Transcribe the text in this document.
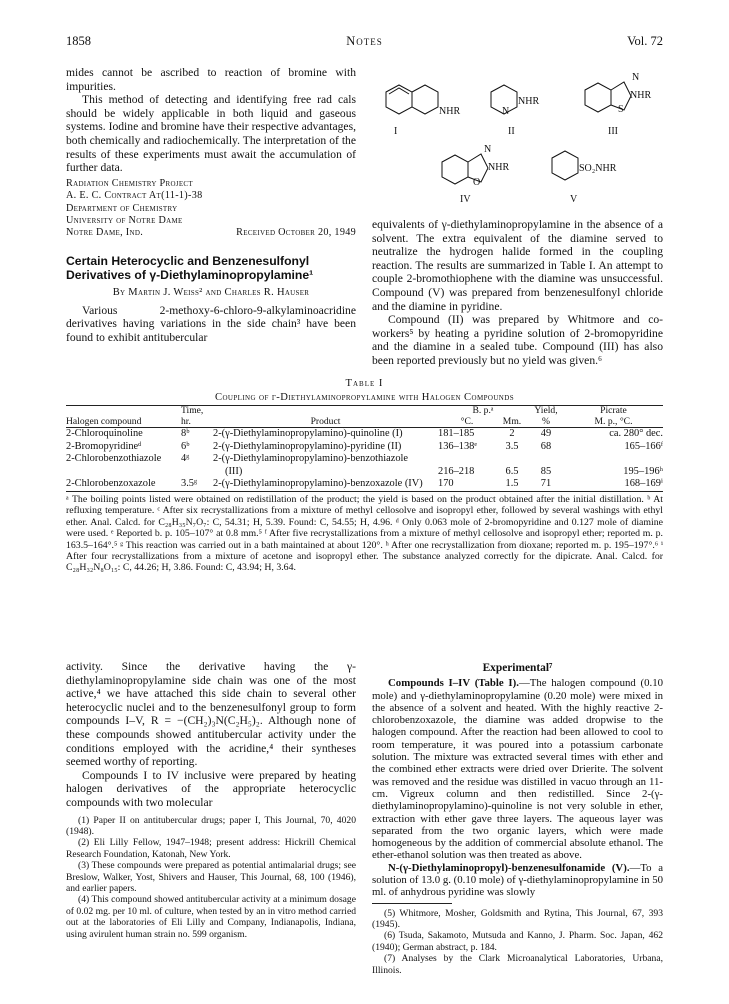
1858	Notes	Vol. 72

mides cannot be ascribed to reaction of bromine with impurities.

This method of detecting and identifying free rad cals should be widely applicable in both liquid and gaseous systems. Iodine and bromine have their respective advantages, both chemically and radiochemically. The interpretation of the results of these experiments must await the accumulation of further data.

Radiation Chemistry Project
A. E. C. Contract At(11-1)-38
Department of Chemistry
University of Notre Dame
Notre Dame, Ind.	Received October 20, 1949
Certain Heterocyclic and Benzenesulfonyl Derivatives of γ-Diethylaminopropylamine¹
By Martin J. Weiss² and Charles R. Hauser

Various 2-methoxy-6-chloro-9-alkylaminoacridine derivatives having variations in the side chain³ have been found to exhibit antitubercular

NHR
I
N
NHR
II
N
S
NHR
III
N
O
NHR
IV
SO₂NHR
V

equivalents of γ-diethylaminopropylamine in the absence of a solvent. The extra equivalent of the diamine served to neutralize the hydrogen halide formed in the coupling reaction. The results are summarized in Table I. An attempt to couple 2-bromothiophene with the diamine was unsuccessful. Compound (V) was prepared from benzenesulfonyl chloride and the diamine in pyridine.

Compound (II) was prepared by Whitmore and co-workers⁵ by heating a pyridine solution of 2-bromopyridine and the diamine in a sealed tube. Compound (III) has also been reported previously but no yield was given.⁶

Table I
Coupling of γ-Diethylaminopropylamine with Halogen Compounds
	Time,		B. p.ᵃ		Yield,	Picrate
Halogen compound	hr.	Product	°C.	Mm.	%	M. p., °C.
2-Chloroquinoline	8ᵇ	2-(γ-Diethylaminopropylamino)-quinoline (I)	181–185	2	49	ca. 280° dec.
2-Bromopyridineᵈ	6ᵇ	2-(γ-Diethylaminopropylamino)-pyridine (II)	136–138ᵉ	3.5	68	165–166ᶠ
2-Chlorobenzothiazole	4ᵍ	2-(γ-Diethylaminopropylamino)-benzothiazole				
		(III)	216–218	6.5	85	195–196ʰ
2-Chlorobenzoxazole	3.5ᵍ	2-(γ-Diethylaminopropylamino)-benzoxazole (IV)	170	1.5	71	168–169ⁱ
ᵃ The boiling points listed were obtained on redistillation of the product; the yield is based on the product obtained after the initial distillation. ᵇ At refluxing temperature. ᶜ After six recrystallizations from a mixture of methyl cellosolve and isopropyl ether, followed by several washings with ethyl ether. Anal. Calcd. for C₂₈H₃₅N₇O₇: C, 54.31; H, 5.39. Found: C, 54.55; H, 4.96. ᵈ Only 0.063 mole of 2-bromopyridine and 0.127 mole of diamine were used. ᵉ Reported b. p. 105–107° at 0.8 mm.⁵ ᶠ After five recrystallizations from a mixture of methyl cellosolve and isopropyl ether; reported m. p. 163.5–164°.⁵ ᵍ This reaction was carried out in a bath maintained at about 120°. ʰ After one recrystallization from dioxane; reported m. p. 195–197°.⁶ ⁱ After four recrystallizations from a mixture of acetone and isopropyl ether. The substance analyzed correctly for the dipicrate. Anal. Calcd. for C₂₈H₃₂N₈O₁₅: C, 44.26; H, 3.86. Found: C, 43.94; H, 3.64.

activity. Since the derivative having the γ-diethylaminopropylamine side chain was one of the most active,⁴ we have attached this side chain to several other heterocyclic nuclei and to the benzenesulfonyl group to form compounds I–V, R = −(CH₂)₃N(C₂H₅)₂. Although none of these compounds showed antitubercular activity under the conditions employed with the acridine,⁴ their syntheses seemed worthy of reporting.

Compounds I to IV inclusive were prepared by heating halogen derivatives of the appropriate heterocyclic compounds with two molecular

(1) Paper II on antitubercular drugs; paper I, This Journal, 70, 4020 (1948).

(2) Eli Lilly Fellow, 1947–1948; present address: Hickrill Chemical Research Foundation, Katonah, New York.

(3) These compounds were prepared as potential antimalarial drugs; see Breslow, Walker, Yost, Shivers and Hauser, This Journal, 68, 100 (1946), and earlier papers.

(4) This compound showed antitubercular activity at a minimum dosage of 0.02 mg. per 10 ml. of culture, when tested by an in vitro method carried out at the laboratories of Eli Lilly and Company, Indianapolis, Indiana, using avirulent human strain no. 599 organism.

Experimental⁷

Compounds I–IV (Table I).—The halogen compound (0.10 mole) and γ-diethylaminopropylamine (0.20 mole) were mixed in the absence of a solvent and heated. With the highly reactive 2-chlorobenzoxazole, the diamine was added dropwise to the halogen compound. After the reaction had been allowed to cool to room temperature, it was poured into a potassium carbonate solution. The mixture was extracted several times with ether and the combined ether extracts were dried over Drierite. The solvent was removed and the residue was distilled in vacuo through an 11-cm. Vigreux column and then redistilled. Since 2-(γ-diethylaminopropylamino)-quinoline is not very soluble in ether, extraction with ether gave three layers. The aqueous layer was separated from the two organic layers, which were made homogeneous by the addition of commercial absolute ethanol. The ether-ethanol solution was then treated as above.

N-(γ-Diethylaminopropyl)-benzenesulfonamide (V).—To a solution of 13.0 g. (0.10 mole) of γ-diethylaminopropylamine in 50 ml. of anhydrous pyridine was slowly

(5) Whitmore, Mosher, Goldsmith and Rytina, This Journal, 67, 393 (1945).

(6) Tsuda, Sakamoto, Mutsuda and Kanno, J. Pharm. Soc. Japan, 462 (1940); German abstract, p. 184.

(7) Analyses by the Clark Microanalytical Laboratories, Urbana, Illinois.
